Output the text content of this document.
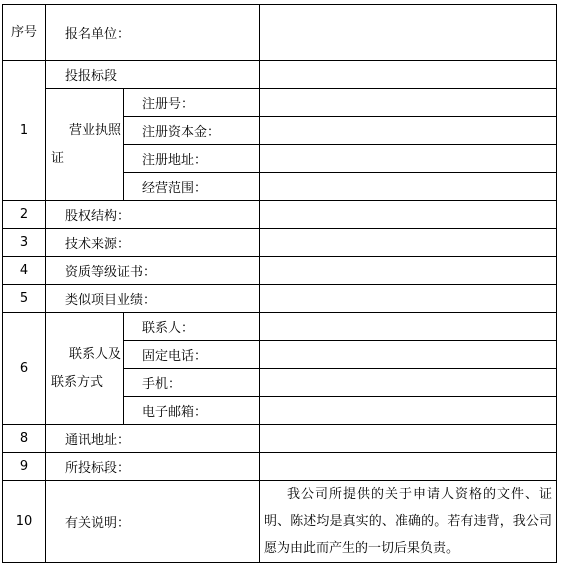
序号	报名单位：		
1	投报标段		
	营业执照证	注册号：	
		注册资本金：	
		注册地址：	
		经营范围：	
2	股权结构：		
3	技术来源：		
4	资质等级证书：		
5	类似项目业绩：		
6	联系人及联系方式	联系人：	
		固定电话：	
		手机：	
		电子邮箱：	
8	通讯地址：		
9	所投标段：		
10	有关说明：		我公司所提供的关于申请人资格的文件、证明、陈述均是真实的、准确的。若有违背，我公司愿为由此而产生的一切后果负责。
